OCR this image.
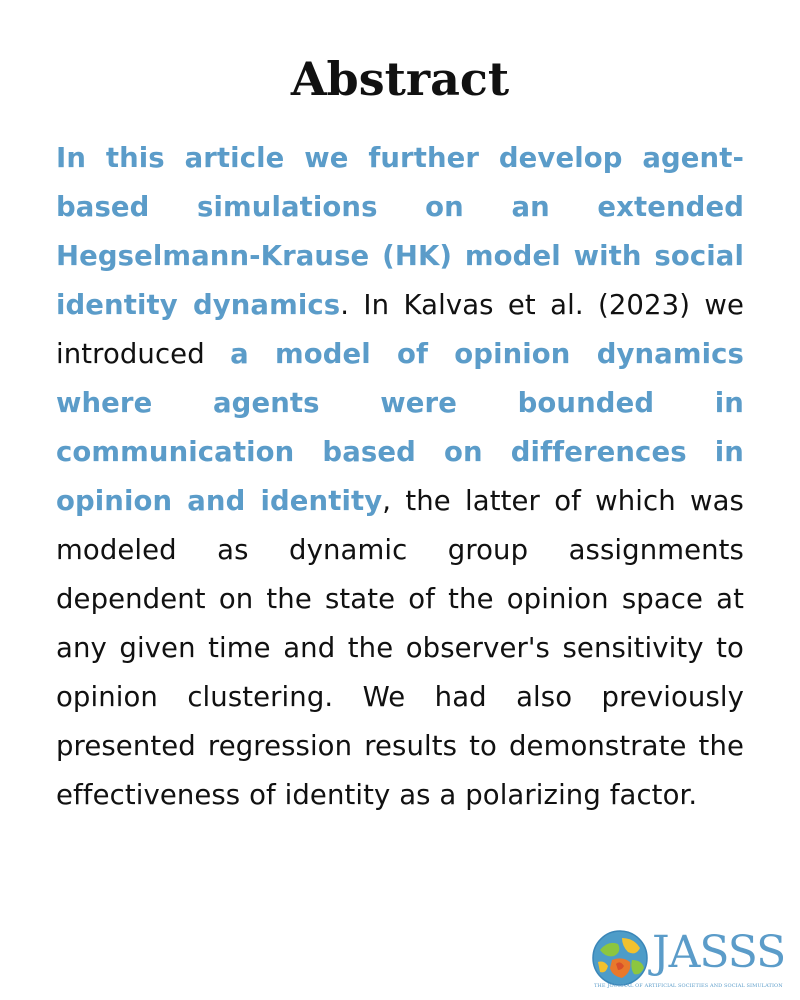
Abstract

In this article we further develop agent-based simulations on an extended Hegselmann-Krause (HK) model with social identity dynamics. In Kalvas et al. (2023) we introduced a model of opinion dynamics where agents were bounded in communication based on differences in opinion and identity, the latter of which was modeled as dynamic group assignments dependent on the state of the opinion space at any given time and the observer's sensitivity to opinion clustering. We had also previously presented regression results to demonstrate the effectiveness of identity as a polarizing factor.

JASSS
THE JOURNAL OF ARTIFICIAL SOCIETIES AND SOCIAL SIMULATION
